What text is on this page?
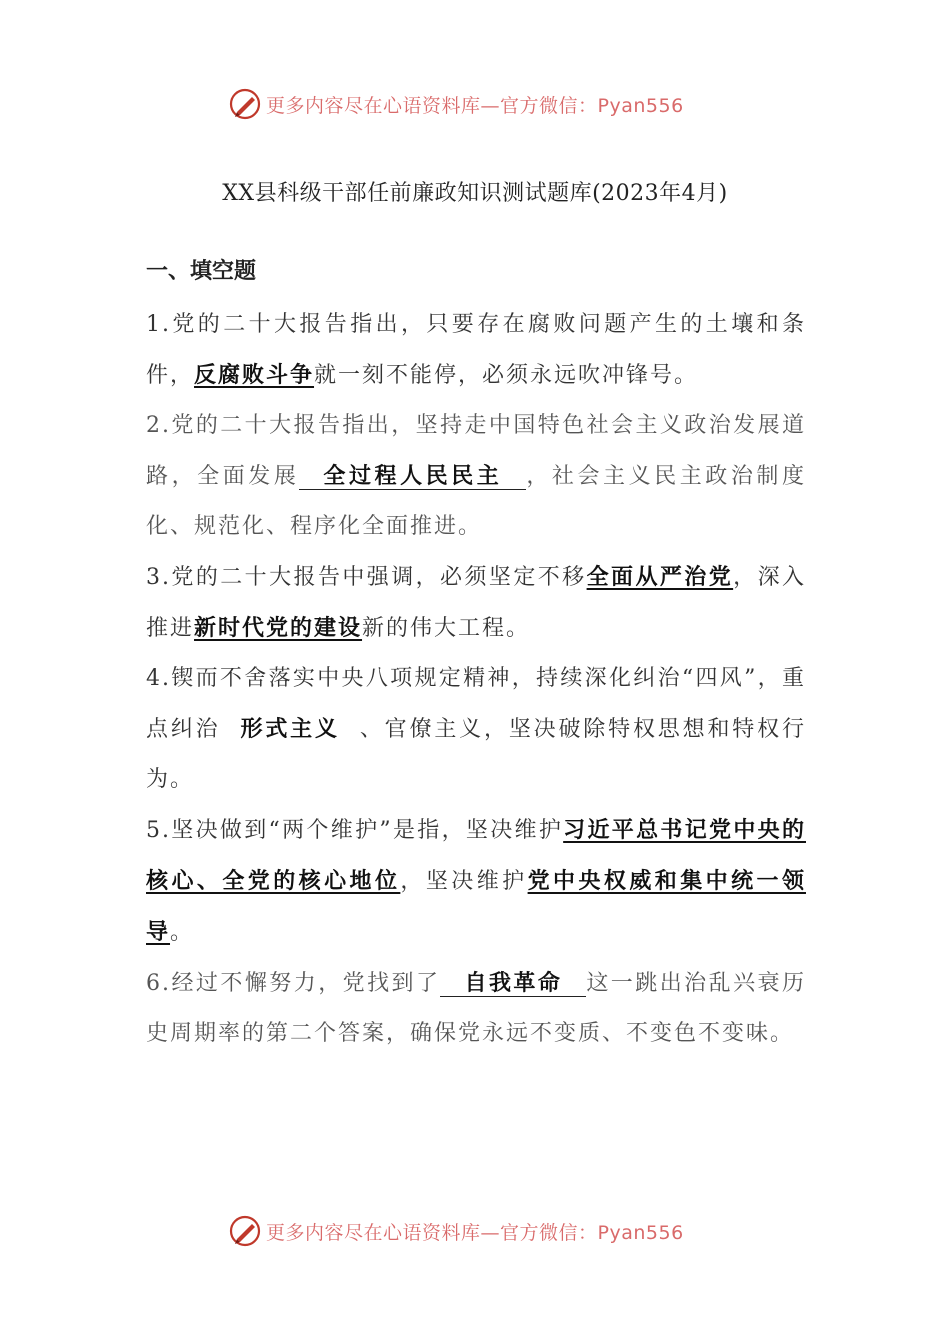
更多内容尽在心语资料库—官方微信：Pyan556
XX县科级干部任前廉政知识测试题库(2023年4月)
一、填空题
1.党的二十大报告指出，只要存在腐败问题产生的土壤和条件，反腐败斗争就一刻不能停，必须永远吹冲锋号。
2.党的二十大报告指出，坚持走中国特色社会主义政治发展道路，全面发展 全过程人民民主 ，社会主义民主政治制度化、规范化、程序化全面推进。
3.党的二十大报告中强调，必须坚定不移全面从严治党，深入推进新时代党的建设新的伟大工程。
4.锲而不舍落实中央八项规定精神，持续深化纠治“四风”，重点纠治 形式主义 、官僚主义，坚决破除特权思想和特权行为。
5.坚决做到“两个维护”是指，坚决维护习近平总书记党中央的核心、全党的核心地位，坚决维护党中央权威和集中统一领导。
6.经过不懈努力，党找到了 自我革命 这一跳出治乱兴衰历史周期率的第二个答案，确保党永远不变质、不变色不变味。
更多内容尽在心语资料库—官方微信：Pyan556
